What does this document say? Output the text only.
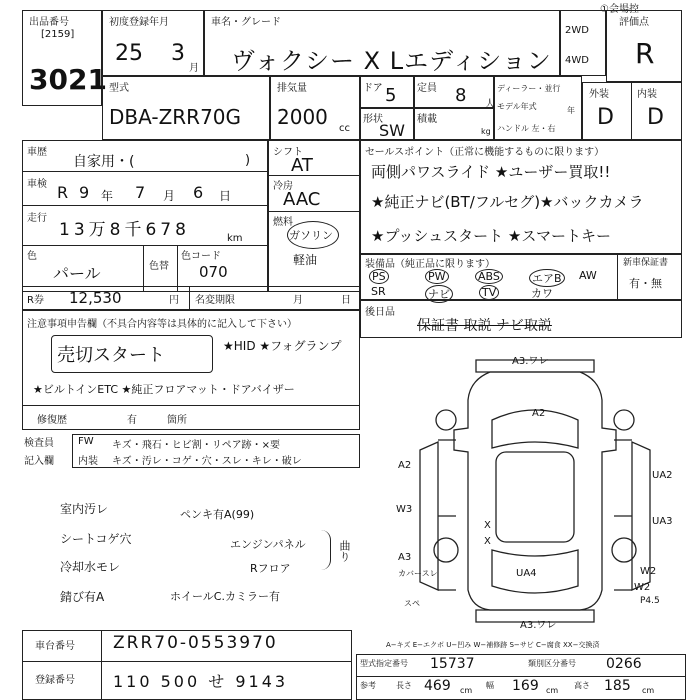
①会場控
出品番号
[2159]
3021
初度登録年月
25 3
月
車名・グレード
ヴォクシー X Lエディション
2WD
4WD
評価点
R
外装	内装
D D
型式
DBA-ZRR70G
排気量
2000 cc
ドア 5 定員 8 人
形状
SW
積載
kg
ディーラー・並行
モデル年式	年
ハンドル 左・右
車歴
自家用・(	)
車検 R 9 年 7 月 6 日
走行
13万8千678	km
色
パール	色替
色コード
070
シフト
AT
冷房
AAC
燃料
ガソリン
軽油
R券 12,530	円 名変期限	月	日
セールスポイント（正常に機能するものに限ります）
両側パワスライド ★ユーザー買取!!
★純正ナビ(BT/フルセグ)★バックカメラ
★プッシュスタート ★スマートキー
装備品（純正品に限ります）	新車保証書
PS	PW	ABS	エアB AW
SR	ナビ	TV	カワ
有・無
後日品
保証書 取説 ナビ取説
注意事項申告欄（不具合内容等は具体的に記入して下さい）
売切スタート	★HID ★フォグランプ
★ビルトインETC ★純正フロアマット・ドアバイザー
修復歴	有	箇所
検査員
記入欄
FW キズ・飛石・ヒビ割・リペア跡・×要
内装 キズ・汚レ・コゲ・穴・スレ・キレ・破レ
室内汚レ
シートコゲ穴
冷却水モレ
錆び有A
ペンキ有A(99)
エンジンパネル
Rフロア
曲り
ホイールC.カミラー有
A3.ワレ
A2
A2
W3
UA2
UA3
UA4
A3
カバースレ
スペ
W2
A3.ワレ
W2
P4.5
X
X
車台番号 ZRR70-0553970
登録番号 110 500 せ 9143
A−キズ E−エクボ U−凹み W−補修跡 S−サビ C−腐食 XX−交換済
型式指定番号 15737	類別区分番号 0266
参考	長さ 469 cm
幅 169 cm
高さ 185 cm
